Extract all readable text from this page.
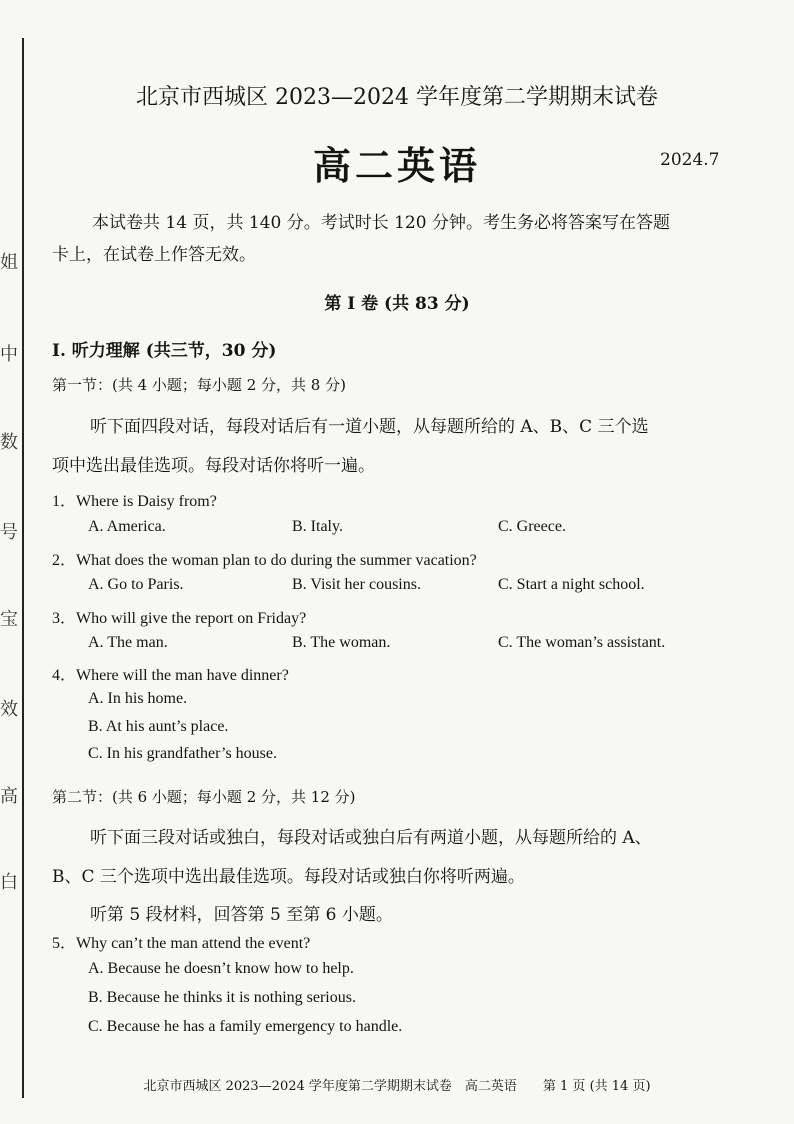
姐
中
数
号
宝
效
高
白
北京市西城区 2023—2024 学年度第二学期期末试卷
高二英语	2024.7
本试卷共 14 页，共 140 分。考试时长 120 分钟。考生务必将答案写在答题
卡上，在试卷上作答无效。
第 I 卷 (共 83 分)
I. 听力理解 (共三节，30 分)
第一节：(共 4 小题；每小题 2 分，共 8 分)
听下面四段对话，每段对话后有一道小题，从每题所给的 A、B、C 三个选
项中选出最佳选项。每段对话你将听一遍。
1．Where is Daisy from?
A. America.	B. Italy.	C. Greece.
2．What does the woman plan to do during the summer vacation?
A. Go to Paris.	B. Visit her cousins.	C. Start a night school.
3．Who will give the report on Friday?
A. The man.	B. The woman.	C. The woman’s assistant.
4．Where will the man have dinner?
A. In his home.
B. At his aunt’s place.
C. In his grandfather’s house.
第二节：(共 6 小题；每小题 2 分，共 12 分)
听下面三段对话或独白，每段对话或独白后有两道小题，从每题所给的 A、
B、C 三个选项中选出最佳选项。每段对话或独白你将听两遍。
听第 5 段材料，回答第 5 至第 6 小题。
5．Why can’t the man attend the event?
A. Because he doesn’t know how to help.
B. Because he thinks it is nothing serious.
C. Because he has a family emergency to handle.
北京市西城区 2023—2024 学年度第二学期期末试卷　高二英语　　第 1 页 (共 14 页)
